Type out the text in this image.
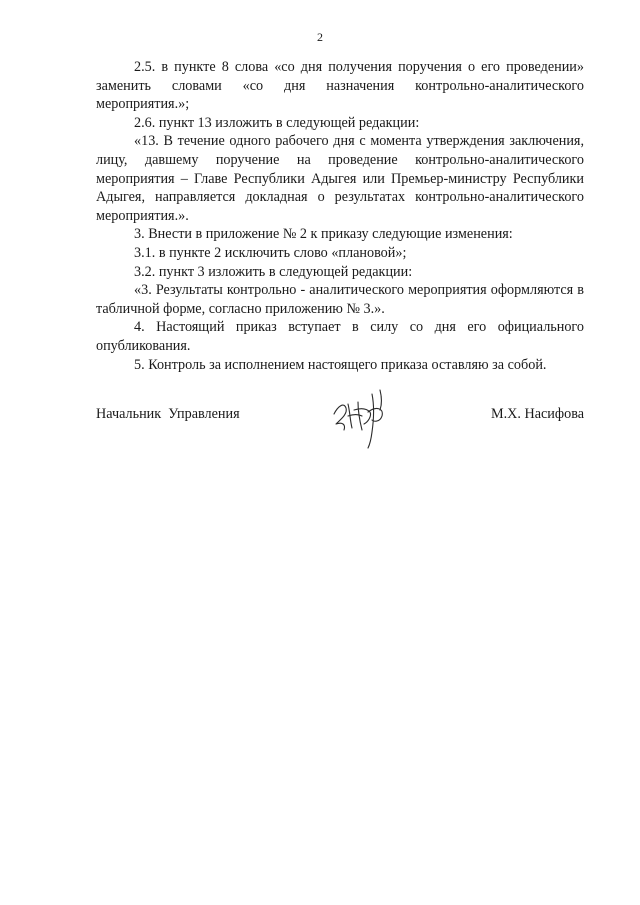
2

2.5. в пункте 8 слова «со дня получения поручения о его проведении» заменить словами «со дня назначения контрольно-аналитического мероприятия.»;

2.6. пункт 13 изложить в следующей редакции:

«13. В течение одного рабочего дня с момента утверждения заключения, лицу, давшему поручение на проведение контрольно-аналитического мероприятия – Главе Республики Адыгея или Премьер-министру Республики Адыгея, направляется докладная о результатах контрольно-аналитического мероприятия.».

3. Внести в приложение № 2 к приказу следующие изменения:

3.1. в пункте 2 исключить слово «плановой»;

3.2. пункт 3 изложить в следующей редакции:

«3. Результаты контрольно - аналитического мероприятия оформляются в табличной форме, согласно приложению № 3.».

4. Настоящий приказ вступает в силу со дня его официального опубликования.

5. Контроль за исполнением настоящего приказа оставляю за собой.

Начальник  Управления	М.Х. Насифова
